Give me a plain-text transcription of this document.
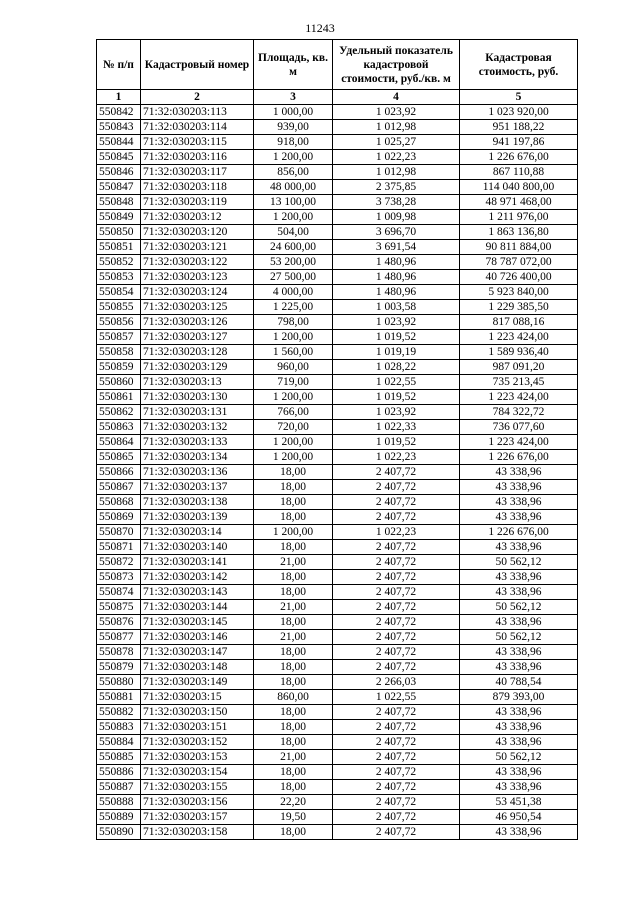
11243
№ п/п	Кадастровый номер	Площадь, кв. м	Удельный показатель кадастровой стоимости, руб./кв. м	Кадастровая стоимость, руб.
1	2	3	4	5
550842	71:32:030203:113	1 000,00	1 023,92	1 023 920,00
550843	71:32:030203:114	939,00	1 012,98	951 188,22
550844	71:32:030203:115	918,00	1 025,27	941 197,86
550845	71:32:030203:116	1 200,00	1 022,23	1 226 676,00
550846	71:32:030203:117	856,00	1 012,98	867 110,88
550847	71:32:030203:118	48 000,00	2 375,85	114 040 800,00
550848	71:32:030203:119	13 100,00	3 738,28	48 971 468,00
550849	71:32:030203:12	1 200,00	1 009,98	1 211 976,00
550850	71:32:030203:120	504,00	3 696,70	1 863 136,80
550851	71:32:030203:121	24 600,00	3 691,54	90 811 884,00
550852	71:32:030203:122	53 200,00	1 480,96	78 787 072,00
550853	71:32:030203:123	27 500,00	1 480,96	40 726 400,00
550854	71:32:030203:124	4 000,00	1 480,96	5 923 840,00
550855	71:32:030203:125	1 225,00	1 003,58	1 229 385,50
550856	71:32:030203:126	798,00	1 023,92	817 088,16
550857	71:32:030203:127	1 200,00	1 019,52	1 223 424,00
550858	71:32:030203:128	1 560,00	1 019,19	1 589 936,40
550859	71:32:030203:129	960,00	1 028,22	987 091,20
550860	71:32:030203:13	719,00	1 022,55	735 213,45
550861	71:32:030203:130	1 200,00	1 019,52	1 223 424,00
550862	71:32:030203:131	766,00	1 023,92	784 322,72
550863	71:32:030203:132	720,00	1 022,33	736 077,60
550864	71:32:030203:133	1 200,00	1 019,52	1 223 424,00
550865	71:32:030203:134	1 200,00	1 022,23	1 226 676,00
550866	71:32:030203:136	18,00	2 407,72	43 338,96
550867	71:32:030203:137	18,00	2 407,72	43 338,96
550868	71:32:030203:138	18,00	2 407,72	43 338,96
550869	71:32:030203:139	18,00	2 407,72	43 338,96
550870	71:32:030203:14	1 200,00	1 022,23	1 226 676,00
550871	71:32:030203:140	18,00	2 407,72	43 338,96
550872	71:32:030203:141	21,00	2 407,72	50 562,12
550873	71:32:030203:142	18,00	2 407,72	43 338,96
550874	71:32:030203:143	18,00	2 407,72	43 338,96
550875	71:32:030203:144	21,00	2 407,72	50 562,12
550876	71:32:030203:145	18,00	2 407,72	43 338,96
550877	71:32:030203:146	21,00	2 407,72	50 562,12
550878	71:32:030203:147	18,00	2 407,72	43 338,96
550879	71:32:030203:148	18,00	2 407,72	43 338,96
550880	71:32:030203:149	18,00	2 266,03	40 788,54
550881	71:32:030203:15	860,00	1 022,55	879 393,00
550882	71:32:030203:150	18,00	2 407,72	43 338,96
550883	71:32:030203:151	18,00	2 407,72	43 338,96
550884	71:32:030203:152	18,00	2 407,72	43 338,96
550885	71:32:030203:153	21,00	2 407,72	50 562,12
550886	71:32:030203:154	18,00	2 407,72	43 338,96
550887	71:32:030203:155	18,00	2 407,72	43 338,96
550888	71:32:030203:156	22,20	2 407,72	53 451,38
550889	71:32:030203:157	19,50	2 407,72	46 950,54
550890	71:32:030203:158	18,00	2 407,72	43 338,96
